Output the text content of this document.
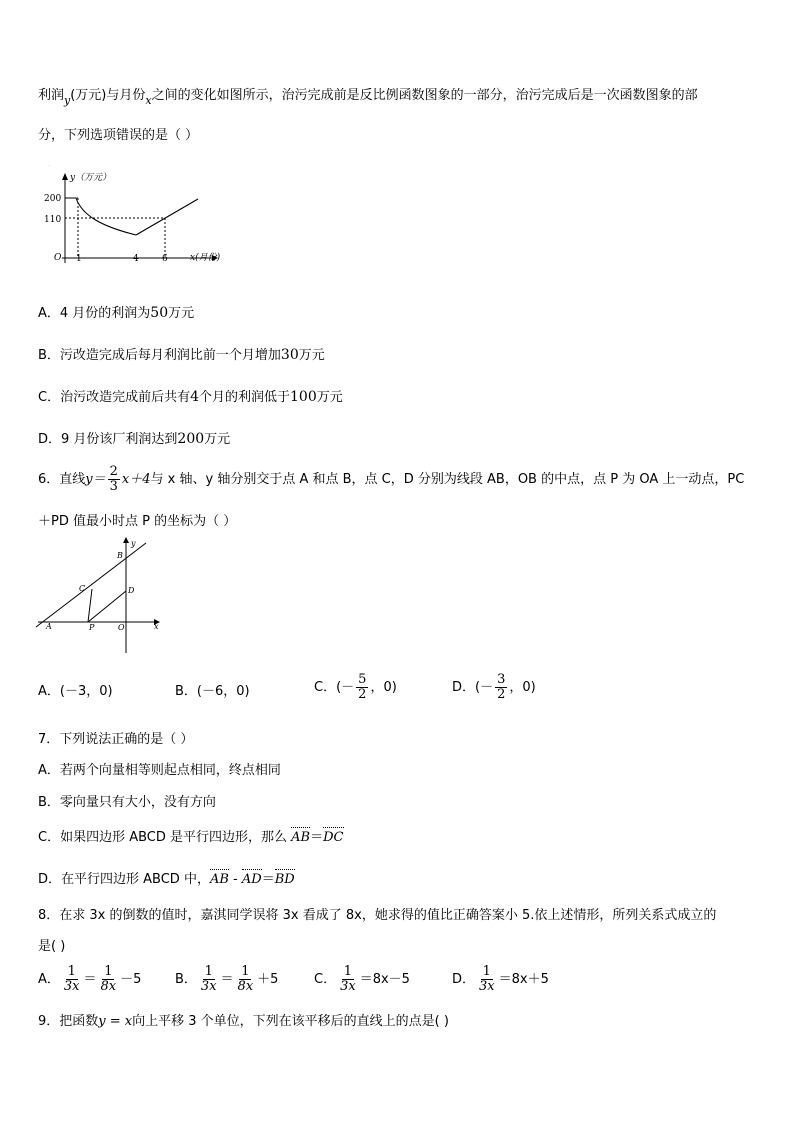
利润$_y$(万元)与月份$_x$之间的变化如图所示，治污完成前是反比例函数图象的一部分，治污完成后是一次函数图象的部
分，下列选项错误的是（ ）
.
y（万元）
x(月份)
O
200
110
1	4	6
A．4 月份的利润为50万元
B．污改造完成后每月利润比前一个月增加30万元
C．治污改造完成前后共有4个月的利润低于100万元
D．9 月份该厂利润达到200万元
6．直线$y= \frac{2}{3} x+4$与 x 轴、y 轴分别交于点 A 和点 B，点 C，D 分别为线段 AB，OB 的中点，点 P 为 OA 上一动点，PC
＋PD 值最小时点 P 的坐标为（ ）
y
x
B
C	D
A	P	O
A．(－3，0)	B．(－6，0)	C．(－ $\frac{5}{2}$ ，0)	D．(－ $\frac{3}{2}$ ，0)
7．下列说法正确的是（ ）
A．若两个向量相等则起点相同，终点相同
B．零向量只有大小，没有方向
C．如果四边形 ABCD 是平行四边形，那么 AB＝DC
D．在平行四边形 ABCD 中，AB - AD＝BD
8．在求 3x 的倒数的值时，嘉淇同学误将 3x 看成了 8x，她求得的值比正确答案小 5.依上述情形，所列关系式成立的
是( )
A． $\frac{1}{3x} = \frac{1}{8x} -5$	B． $\frac{1}{3x} = \frac{1}{8x} +5$	C． $\frac{1}{3x} =8x-5$	D． $\frac{1}{3x} =8x+5$
9．把函数y = x向上平移 3 个单位，下列在该平移后的直线上的点是( )
